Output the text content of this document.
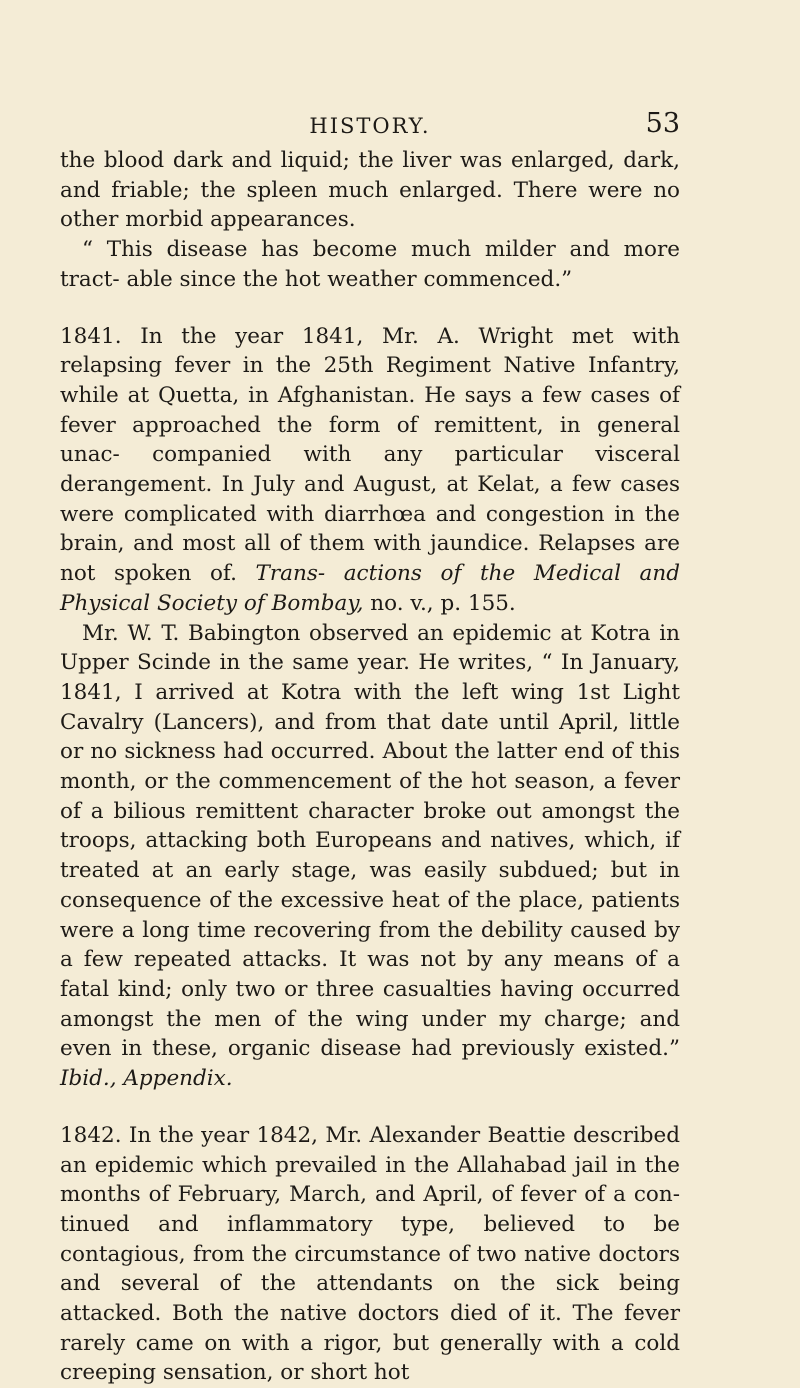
HISTORY.	53

the blood dark and liquid; the liver was enlarged, dark, and friable; the spleen much enlarged. There were no other morbid appearances.

“ This disease has become much milder and more tract- able since the hot weather commenced.”

1841. In the year 1841, Mr. A. Wright met with relapsing fever in the 25th Regiment Native Infantry, while at Quetta, in Afghanistan. He says a few cases of fever approached the form of remittent, in general unac- companied with any particular visceral derangement. In July and August, at Kelat, a few cases were complicated with diarrhœa and congestion in the brain, and most all of them with jaundice. Relapses are not spoken of. Trans- actions of the Medical and Physical Society of Bombay, no. v., p. 155.

Mr. W. T. Babington observed an epidemic at Kotra in Upper Scinde in the same year. He writes, “ In January, 1841, I arrived at Kotra with the left wing 1st Light Cavalry (Lancers), and from that date until April, little or no sickness had occurred. About the latter end of this month, or the commencement of the hot season, a fever of a bilious remittent character broke out amongst the troops, attacking both Europeans and natives, which, if treated at an early stage, was easily subdued; but in consequence of the excessive heat of the place, patients were a long time recovering from the debility caused by a few repeated attacks. It was not by any means of a fatal kind; only two or three casualties having occurred amongst the men of the wing under my charge; and even in these, organic disease had previously existed.” Ibid., Appendix.

1842. In the year 1842, Mr. Alexander Beattie described an epidemic which prevailed in the Allahabad jail in the months of February, March, and April, of fever of a con- tinued and inflammatory type, believed to be contagious, from the circumstance of two native doctors and several of the attendants on the sick being attacked. Both the native doctors died of it. The fever rarely came on with a rigor, but generally with a cold creeping sensation, or short hot
